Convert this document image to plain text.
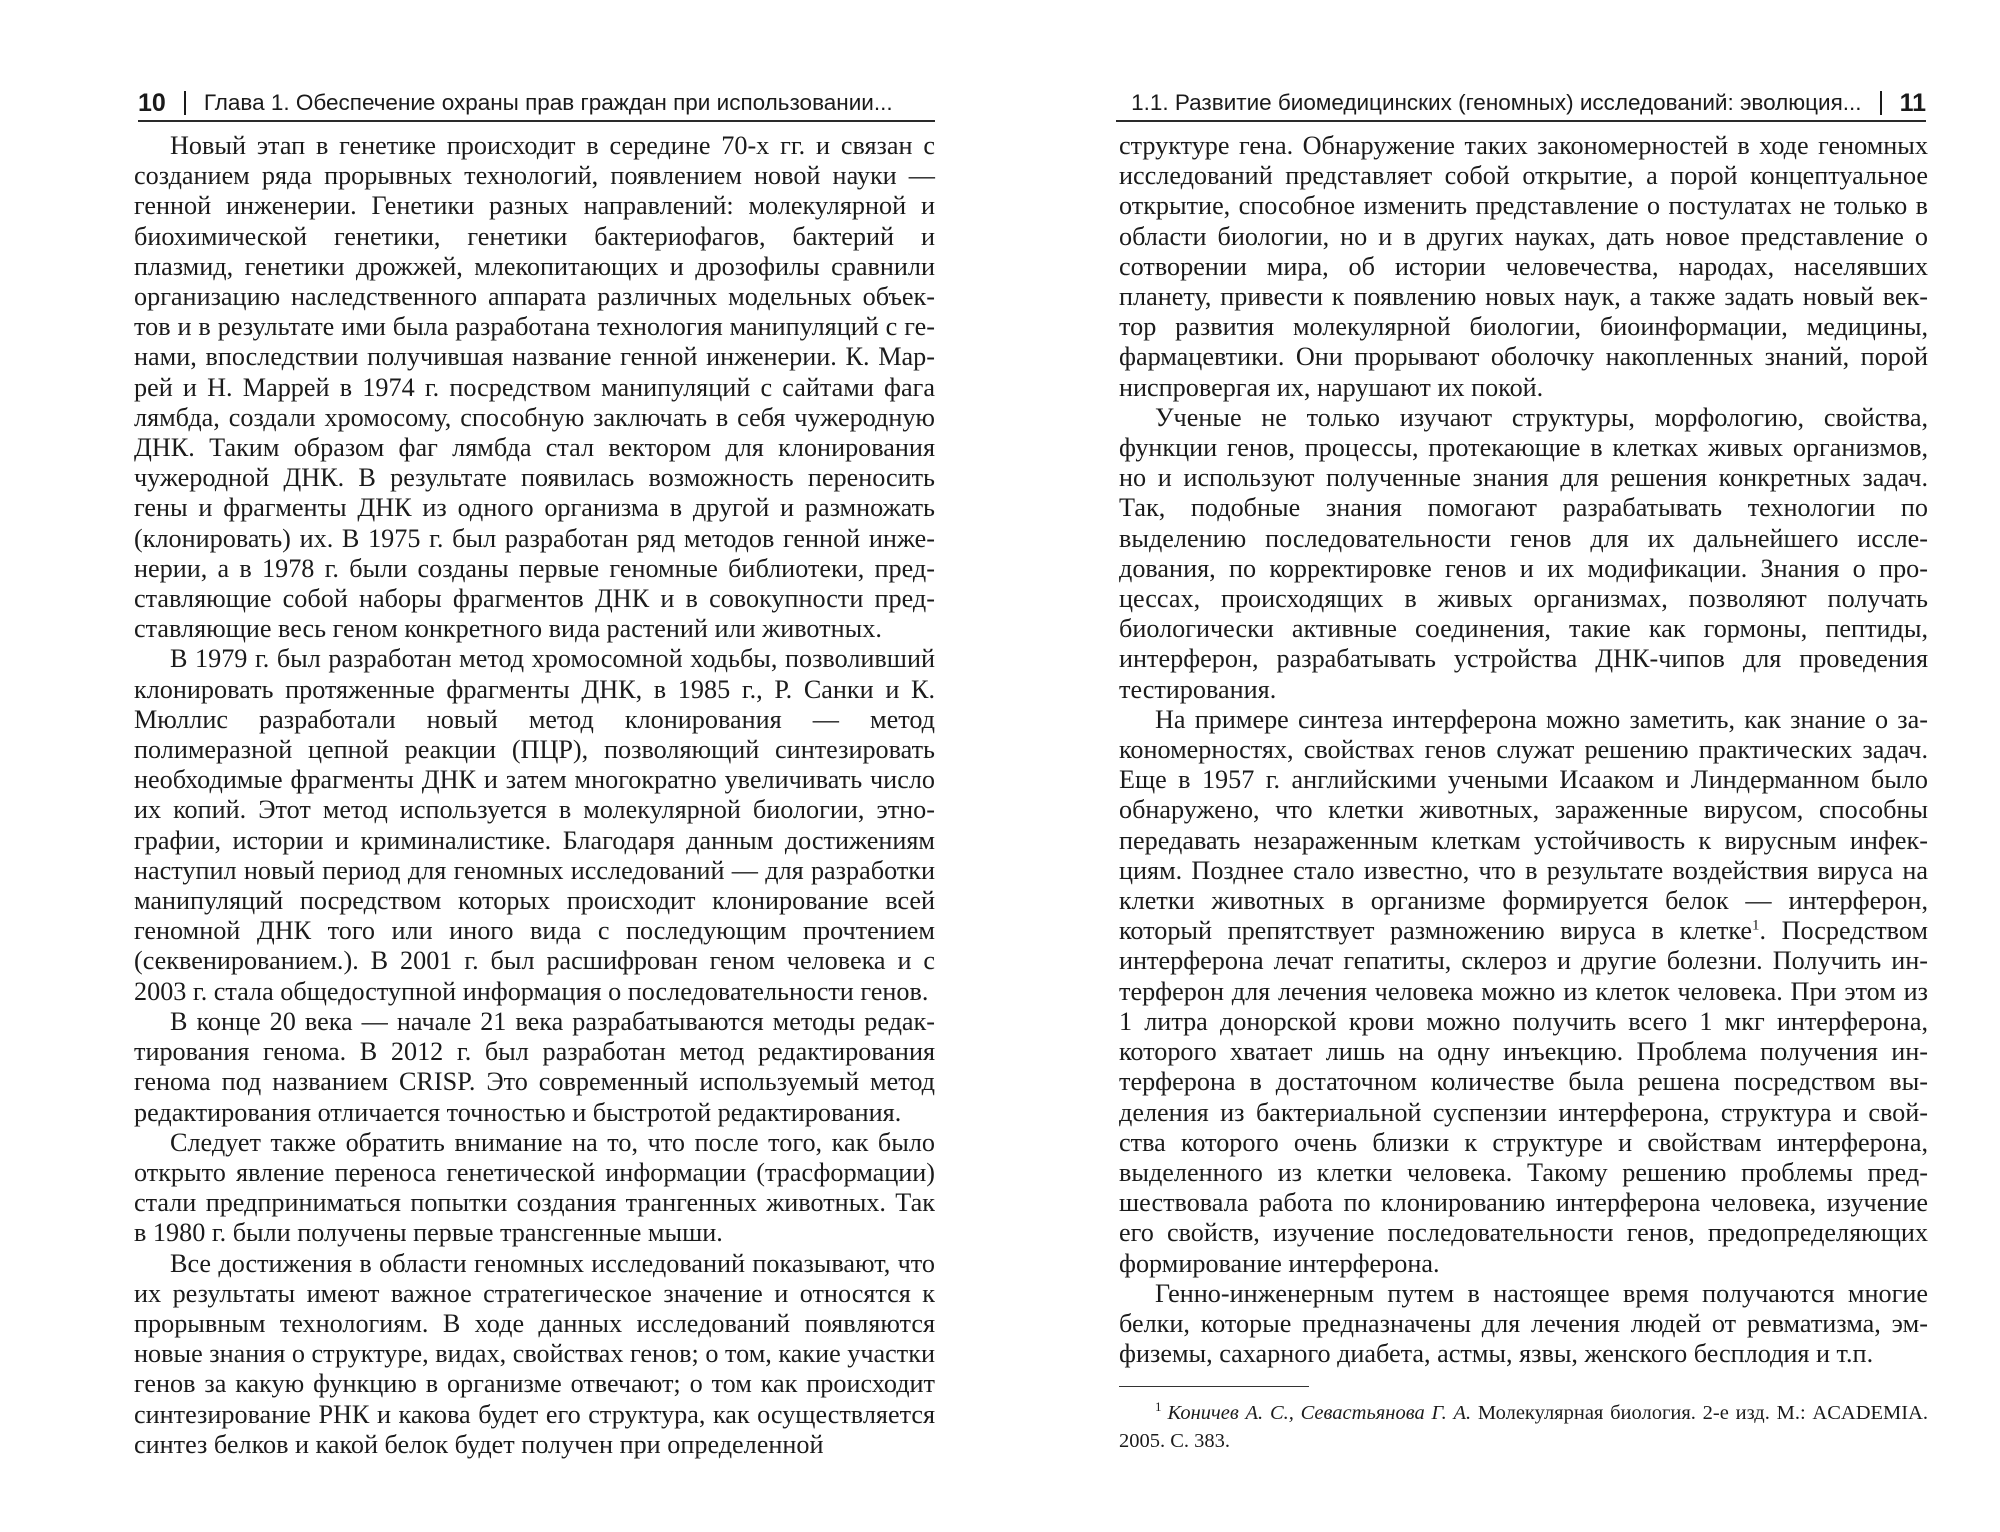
10 Глава 1. Обеспечение охраны прав граждан при использовании...

Новый этап в генетике происходит в середине 70-х гг. и связан с созданием ряда прорывных технологий, появлением новой науки — генной инженерии. Генетики разных направлений: молекулярной и биохимической генетики, генетики бактериофагов, бактерий и плазмид, генетики дрожжей, млекопитающих и дрозофилы сравнили организацию наследственного аппарата различных модельных объектов и в результате ими была разработана технология манипуляций с генами, впоследствии получившая название генной инженерии. К. Маррей и Н. Маррей в 1974 г. посредством манипуляций с сайтами фага лямбда, создали хромосому, способную заключать в себя чужеродную ДНК. Таким образом фаг лямбда стал вектором для клонирования чужеродной ДНК. В результате появилась возможность переносить гены и фрагменты ДНК из одного организма в другой и размножать (клонировать) их. В 1975 г. был разработан ряд методов генной инженерии, а в 1978 г. были созданы первые геномные библиотеки, представляющие собой наборы фрагментов ДНК и в совокупности представляющие весь геном конкретного вида растений или животных.

В 1979 г. был разработан метод хромосомной ходьбы, позволивший клонировать протяженные фрагменты ДНК, в 1985 г., Р. Санки и К. Мюллис разработали новый метод клонирования — метод полимеразной цепной реакции (ПЦР), позволяющий синтезировать необходимые фрагменты ДНК и затем многократно увеличивать число их копий. Этот метод используется в молекулярной биологии, этнографии, истории и криминалистике. Благодаря данным достижениям наступил новый период для геномных исследований — для разработки манипуляций посредством которых происходит клонирование всей геномной ДНК того или иного вида с последующим прочтением (секвенированием.). В 2001 г. был расшифрован геном человека и с 2003 г. стала общедоступной информация о последовательности генов.

В конце 20 века — начале 21 века разрабатываются методы редактирования генома. В 2012 г. был разработан метод редактирования генома под названием CRISP. Это современный используемый метод редактирования отличается точностью и быстротой редактирования.

Следует также обратить внимание на то, что после того, как было открыто явление переноса генетической информации (трасформации) стали предприниматься попытки создания трангенных животных. Так в 1980 г. были получены первые трансгенные мыши.

Все достижения в области геномных исследований показывают, что их результаты имеют важное стратегическое значение и относятся к прорывным технологиям. В ходе данных исследований появляются новые знания о структуре, видах, свойствах генов; о том, какие участки генов за какую функцию в организме отвечают; о том как происходит синтезирование РНК и какова будет его структура, как осуществляется синтез белков и какой белок будет получен при определенной

1.1. Развитие биомедицинских (геномных) исследований: эволюция... 11

структуре гена. Обнаружение таких закономерностей в ходе геномных исследований представляет собой открытие, а порой концептуальное открытие, способное изменить представление о постулатах не только в области биологии, но и в других науках, дать новое представление о сотворении мира, об истории человечества, народах, населявших планету, привести к появлению новых наук, а также задать новый вектор развития молекулярной биологии, биоинформации, медицины, фармацевтики. Они прорывают оболочку накопленных знаний, порой ниспровергая их, нарушают их покой.

Ученые не только изучают структуры, морфологию, свойства, функции генов, процессы, протекающие в клетках живых организмов, но и используют полученные знания для решения конкретных задач. Так, подобные знания помогают разрабатывать технологии по выделению последовательности генов для их дальнейшего исследования, по корректировке генов и их модификации. Знания о процессах, происходящих в живых организмах, позволяют получать биологически активные соединения, такие как гормоны, пептиды, интерферон, разрабатывать устройства ДНК-чипов для проведения тестирования.

На примере синтеза интерферона можно заметить, как знание о закономерностях, свойствах генов служат решению практических задач. Еще в 1957 г. английскими учеными Исааком и Линдерманном было обнаружено, что клетки животных, зараженные вирусом, способны передавать незараженным клеткам устойчивость к вирусным инфекциям. Позднее стало известно, что в результате воздействия вируса на клетки животных в организме формируется белок — интерферон, который препятствует размножению вируса в клетке$^1$. Посредством интерферона лечат гепатиты, склероз и другие болезни. Получить интерферон для лечения человека можно из клеток человека. При этом из 1 литра донорской крови можно получить всего 1 мкг интерферона, которого хватает лишь на одну инъекцию. Проблема получения интерферона в достаточном количестве была решена посредством выделения из бактериальной суспензии интерферона, структура и свойства которого очень близки к структуре и свойствам интерферона, выделенного из клетки человека. Такому решению проблемы предшествовала работа по клонированию интерферона человека, изучение его свойств, изучение последовательности генов, предопределяющих формирование интерферона.

Генно-инженерным путем в настоящее время получаются многие белки, которые предназначены для лечения людей от ревматизма, эмфиземы, сахарного диабета, астмы, язвы, женского бесплодия и т.п.

$^1$ Коничев А. С., Севастьянова Г. А. Молекулярная биология. 2-е изд. М.: ACADEMIA. 2005. С. 383.
